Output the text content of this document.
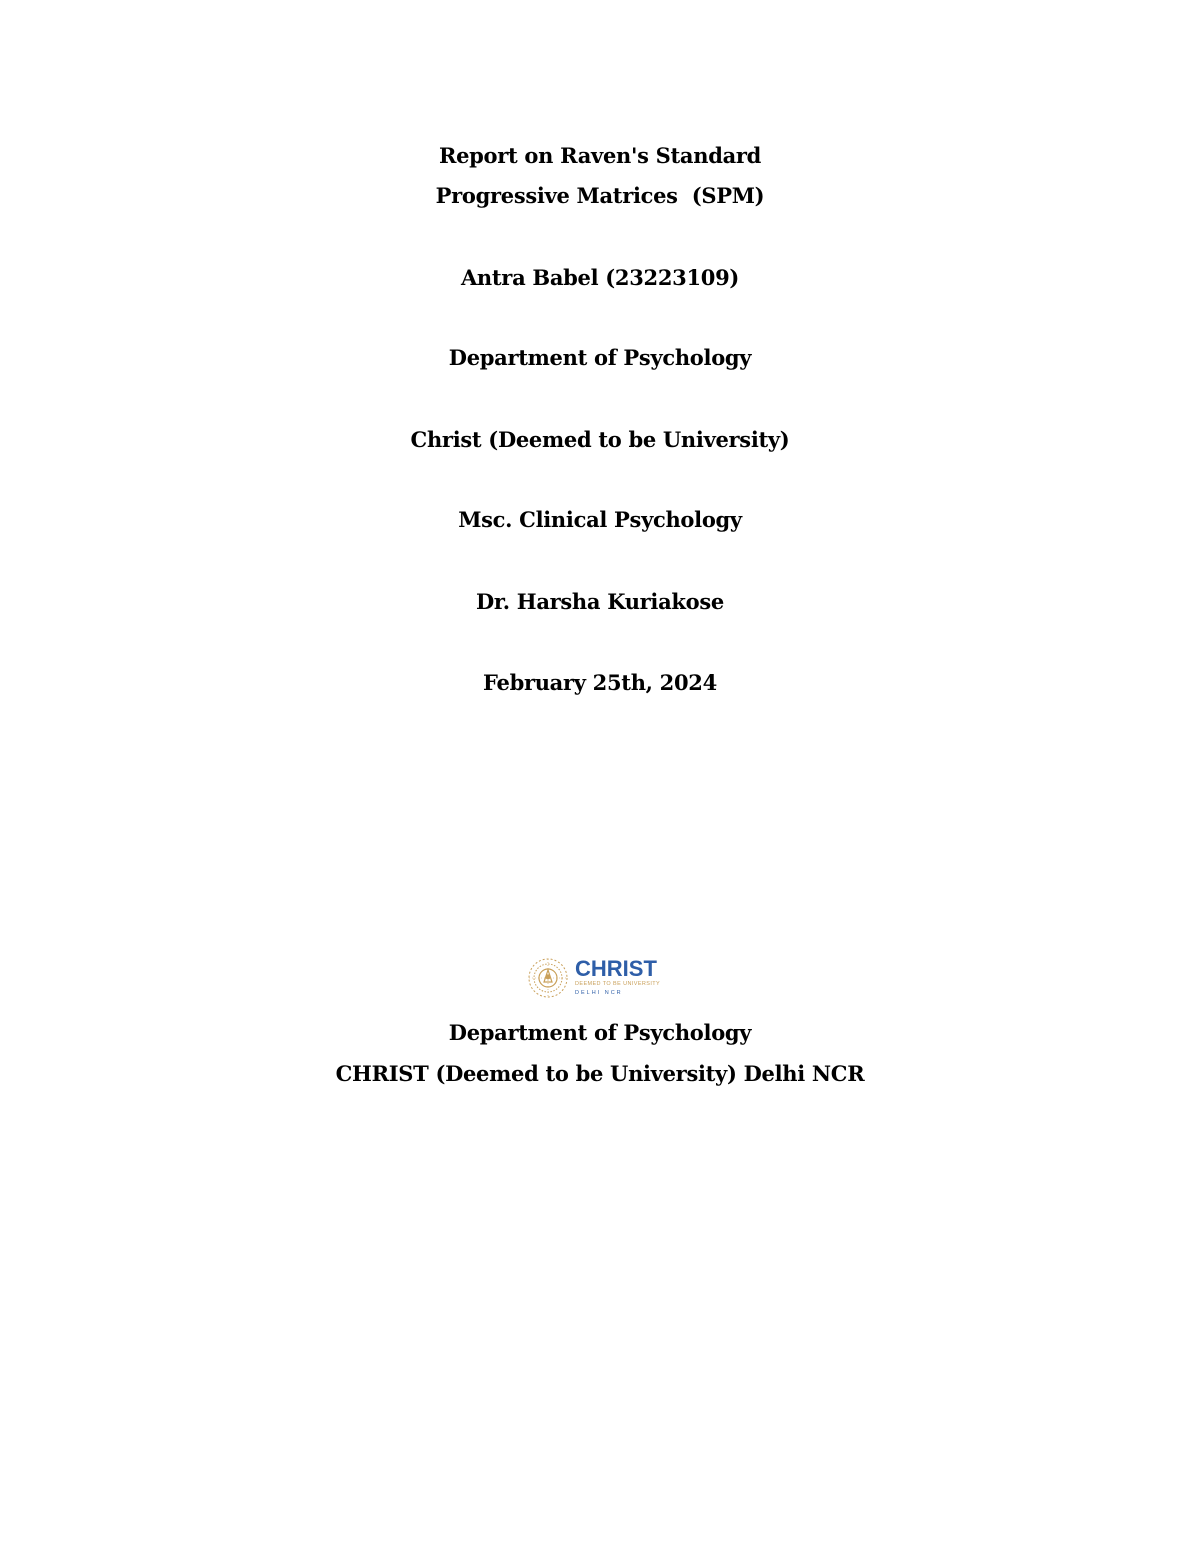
Report on Raven's Standard
Progressive Matrices  (SPM)
Antra Babel (23223109)
Department of Psychology
Christ (Deemed to be University)
Msc. Clinical Psychology
Dr. Harsha Kuriakose
February 25th, 2024
CHRIST
DEEMED TO BE UNIVERSITY
DELHI NCR
Department of Psychology
CHRIST (Deemed to be University) Delhi NCR
